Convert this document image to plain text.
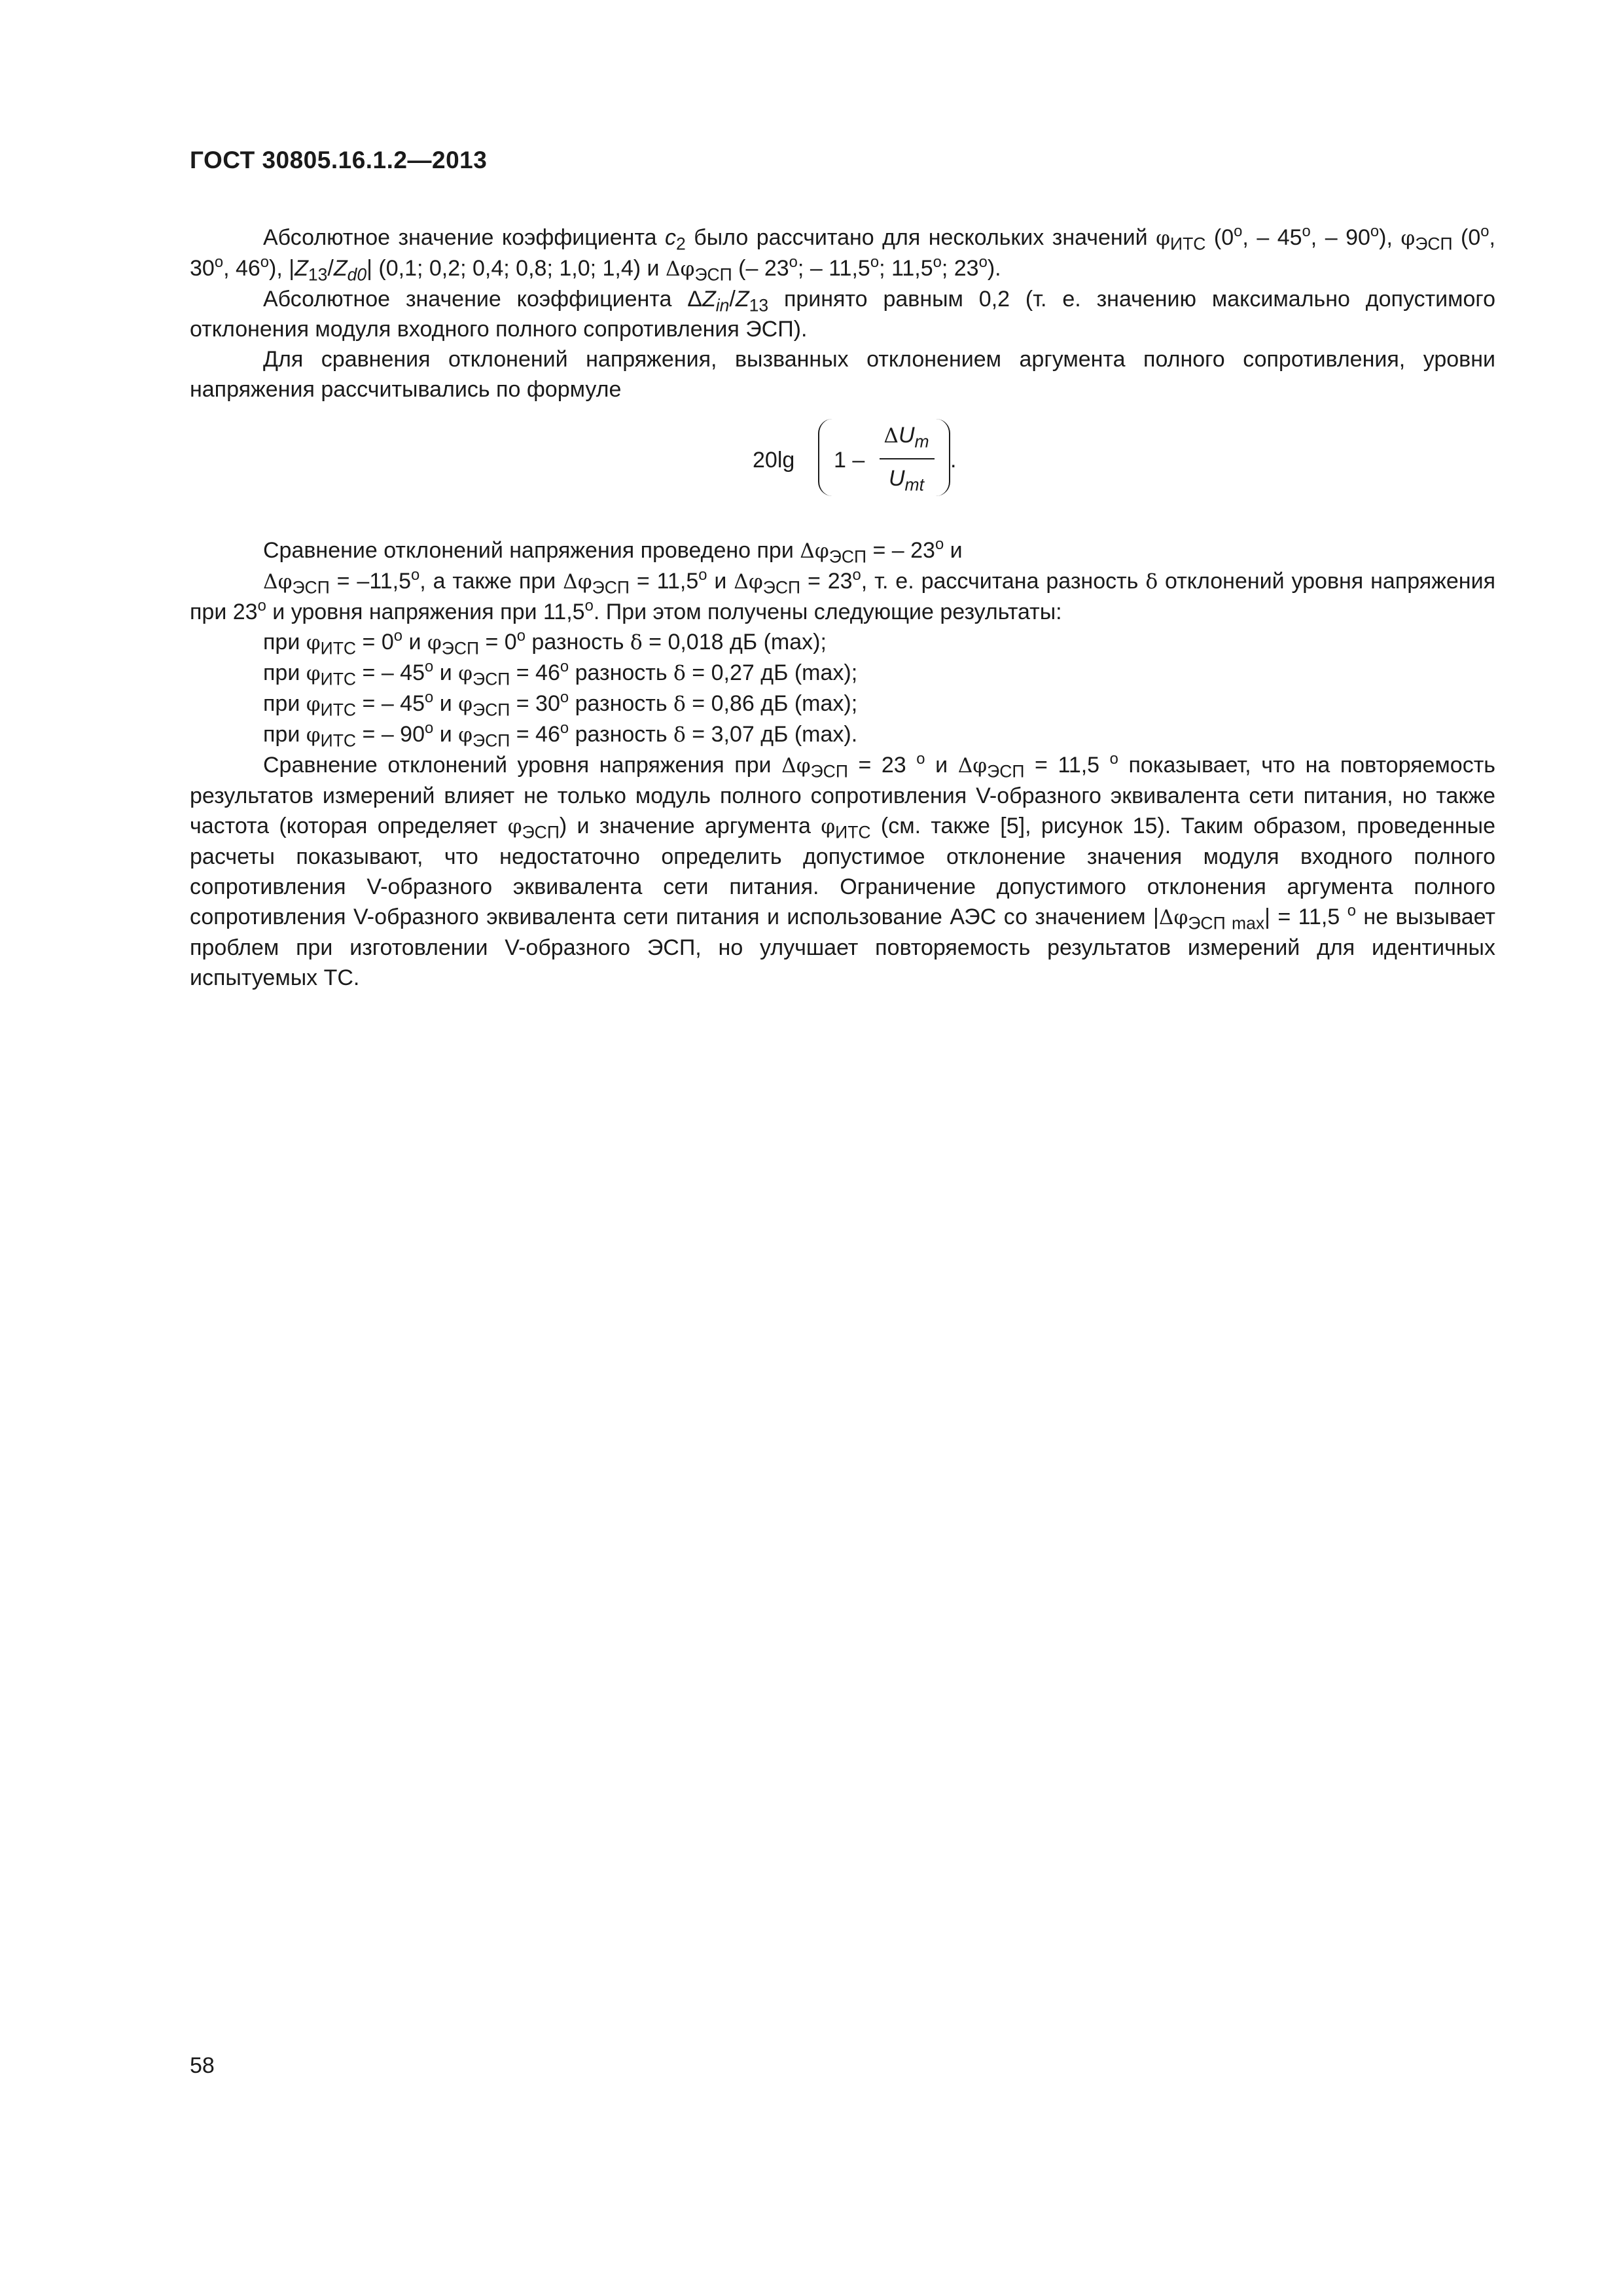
ГОСТ 30805.16.1.2—2013

Абсолютное значение коэффициента $c_2$ было рассчитано для нескольких значений $\varphi_{ИТС}$ ($0^о$, – $45^о$, – $90^о$), $\varphi_{ЭСП}$ ($0^о$, $30^о$, $46^о$), $|Z_{13}/Z_{d0}|$ (0,1; 0,2; 0,4; 0,8; 1,0; 1,4) и $\Delta\varphi_{ЭСП}$ (– $23^о$; – $11,5^о$; $11,5^о$; $23^о$).

Абсолютное значение коэффициента $\Delta Z_{in}/Z_{13}$ принято равным 0,2 (т. е. значению максимально допустимого отклонения модуля входного полного сопротивления ЭСП).

Для сравнения отклонений напряжения, вызванных отклонением аргумента полного сопротивления, уровни напряжения рассчитывались по формуле

20lg 1 –
$\Delta U_m$
$U_{mt}$
.

Сравнение отклонений напряжения проведено при $\Delta\varphi_{ЭСП}$ = – $23^о$ и

$\Delta\varphi_{ЭСП} = -11,5^о$, а также при $\Delta\varphi_{ЭСП} = 11,5^о$ и $\Delta\varphi_{ЭСП} = 23^о$, т. е. рассчитана разность δ отклонений уровня напряжения при $23^о$ и уровня напряжения при $11,5^о$. При этом получены следующие результаты:

при $\varphi_{ИТС} = 0^о$ и $\varphi_{ЭСП} = 0^о$ разность δ = 0,018 дБ (max);

при $\varphi_{ИТС}$ = – $45^о$ и $\varphi_{ЭСП} = 46^о$ разность δ = 0,27 дБ (max);

при $\varphi_{ИТС}$ = – $45^о$ и $\varphi_{ЭСП} = 30^о$ разность δ = 0,86 дБ (max);

при $\varphi_{ИТС}$ = – $90^о$ и $\varphi_{ЭСП} = 46^о$ разность δ = 3,07 дБ (max).

Сравнение отклонений уровня напряжения при $\Delta\varphi_{ЭСП} = 23$ $^о$ и $\Delta\varphi_{ЭСП} = 11,5$ $^о$ показывает, что на повторяемость результатов измерений влияет не только модуль полного сопротивления V-образного эквивалента сети питания, но также частота (которая определяет $\varphi_{ЭСП}$) и значение аргумента $\varphi_{ИТС}$ (см. также [5], рисунок 15). Таким образом, проведенные расчеты показывают, что недостаточно определить допустимое отклонение значения модуля входного полного сопротивления V-образного эквивалента сети питания. Ограничение допустимого отклонения аргумента полного сопротивления V-образного эквивалента сети питания и использование АЭС со значением $|\Delta\varphi_{ЭСП max}| = 11,5$ $^о$ не вызывает проблем при изготовлении V-образного ЭСП, но улучшает повторяемость результатов измерений для идентичных испытуемых ТС.

58
